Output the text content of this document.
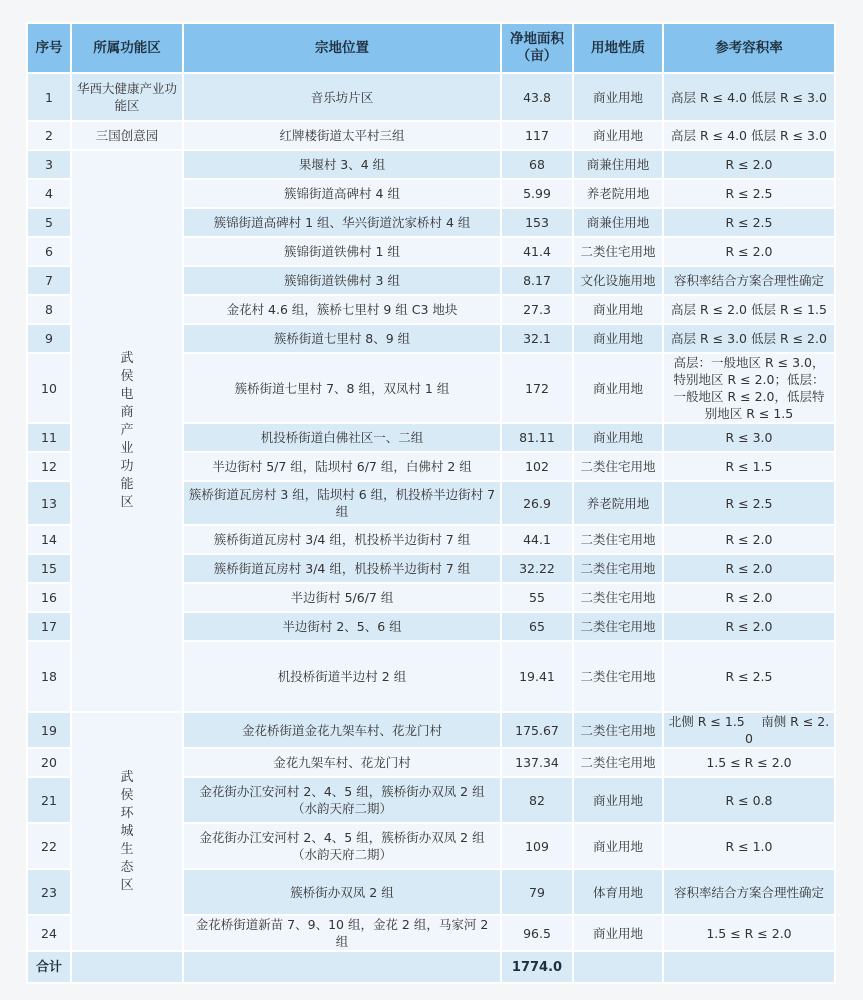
序号	所属功能区	宗地位置	净地面积（亩）	用地性质	参考容积率
1	华西大健康产业功能区	音乐坊片区	43.8	商业用地	高层 R ≤ 4.0 低层 R ≤ 3.0
2	三国创意园	红牌楼街道太平村三组	117	商业用地	高层 R ≤ 4.0 低层 R ≤ 3.0
3	武侯电商产业功能区	果堰村 3、4 组	68	商兼住用地	R ≤ 2.0
4		簇锦街道高碑村 4 组	5.99	养老院用地	R ≤ 2.5
5		簇锦街道高碑村 1 组、华兴街道沈家桥村 4 组	153	商兼住用地	R ≤ 2.5
6		簇锦街道铁佛村 1 组	41.4	二类住宅用地	R ≤ 2.0
7		簇锦街道铁佛村 3 组	8.17	文化设施用地	容积率结合方案合理性确定
8		金花村 4.6 组，簇桥七里村 9 组 C3 地块	27.3	商业用地	高层 R ≤ 2.0 低层 R ≤ 1.5
9		簇桥街道七里村 8、9 组	32.1	商业用地	高层 R ≤ 3.0 低层 R ≤ 2.0
10		簇桥街道七里村 7、8 组，双凤村 1 组	172	商业用地	高层：一般地区 R ≤ 3.0，特别地区 R ≤ 2.0；低层：一般地区 R ≤ 2.0，低层特别地区 R ≤ 1.5
11		机投桥街道白佛社区一、二组	81.11	商业用地	R ≤ 3.0
12		半边街村 5/7 组，陆坝村 6/7 组，白佛村 2 组	102	二类住宅用地	R ≤ 1.5
13		簇桥街道瓦房村 3 组，陆坝村 6 组，机投桥半边街村 7 组	26.9	养老院用地	R ≤ 2.5
14		簇桥街道瓦房村 3/4 组，机投桥半边街村 7 组	44.1	二类住宅用地	R ≤ 2.0
15		簇桥街道瓦房村 3/4 组，机投桥半边街村 7 组	32.22	二类住宅用地	R ≤ 2.0
16		半边街村 5/6/7 组	55	二类住宅用地	R ≤ 2.0
17		半边街村 2、5、6 组	65	二类住宅用地	R ≤ 2.0
18		机投桥街道半边村 2 组	19.41	二类住宅用地	R ≤ 2.5
19	武侯环城生态区	金花桥街道金花九架车村、花龙门村	175.67	二类住宅用地	北侧 R ≤ 1.5　 南侧 R ≤ 2.0
20		金花九架车村、花龙门村	137.34	二类住宅用地	1.5 ≤ R ≤ 2.0
21		金花街办江安河村 2、4、5 组，簇桥街办双凤 2 组（水韵天府二期）	82	商业用地	R ≤ 0.8
22		金花街办江安河村 2、4、5 组，簇桥街办双凤 2 组（水韵天府二期）	109	商业用地	R ≤ 1.0
23		簇桥街办双凤 2 组	79	体育用地	容积率结合方案合理性确定
24		金花桥街道新苗 7、9、10 组，金花 2 组，马家河 2 组	96.5	商业用地	1.5 ≤ R ≤ 2.0
合计			1774.0		
